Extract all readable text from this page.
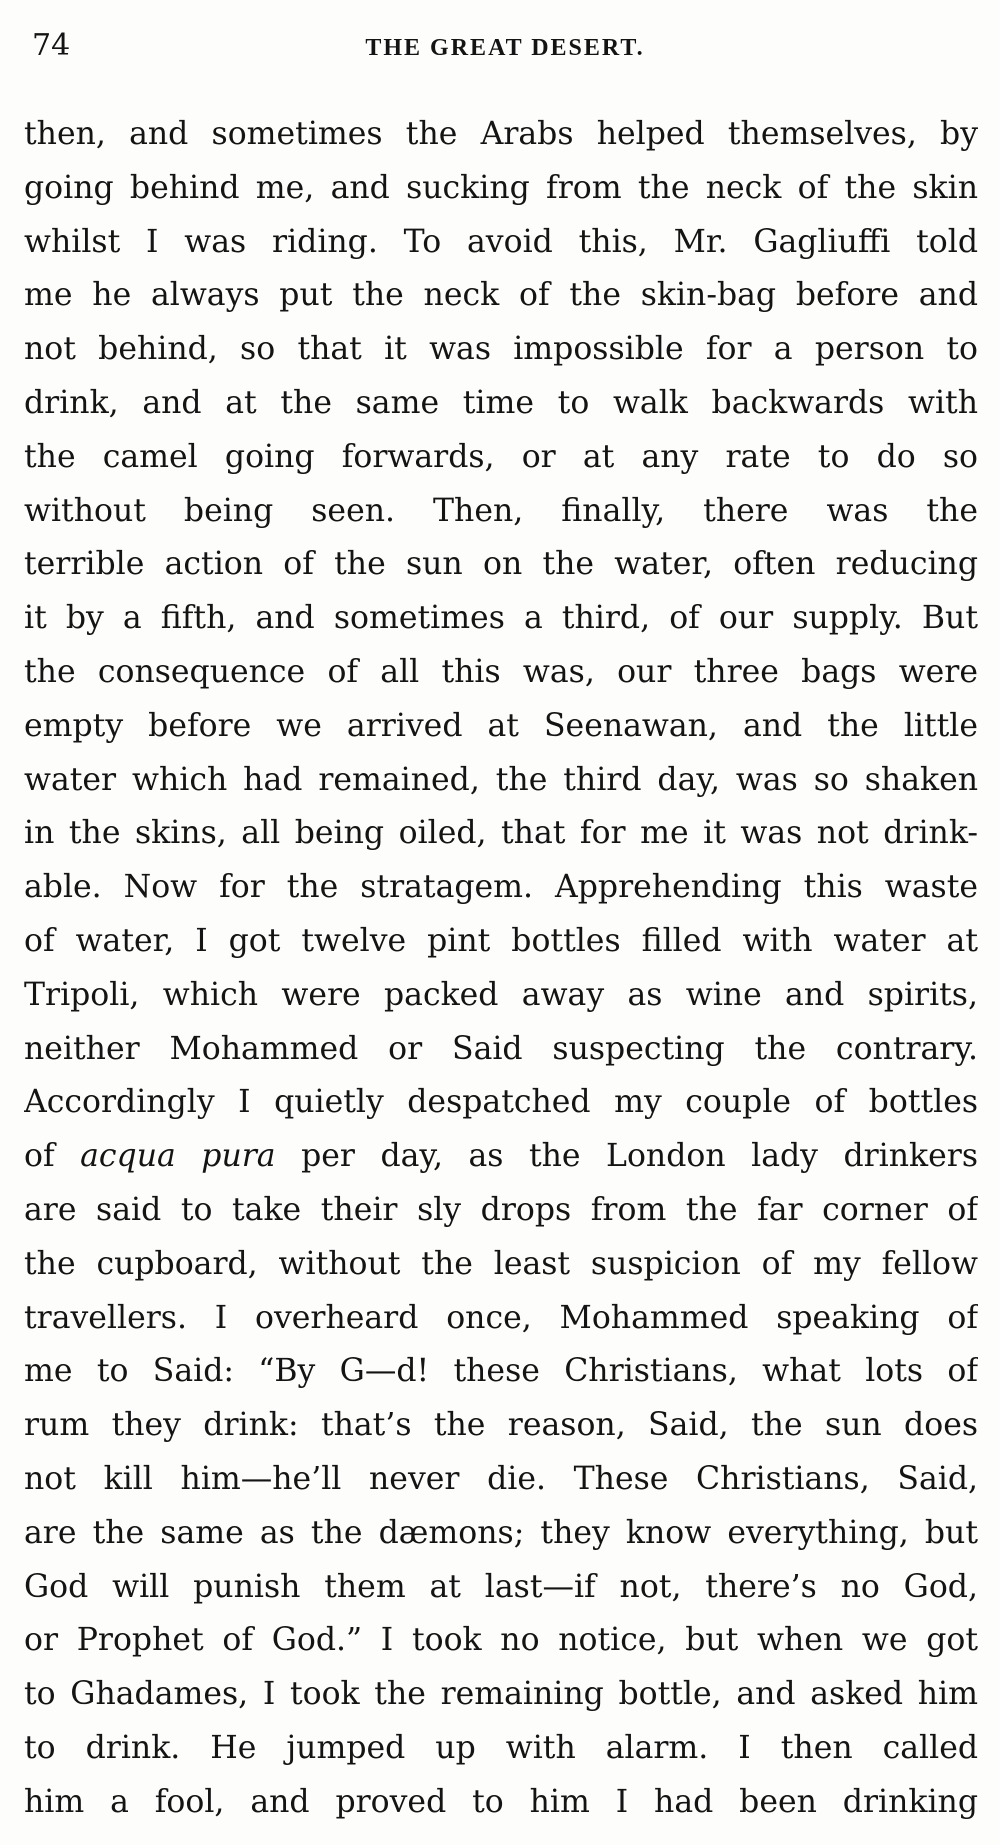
74	THE GREAT DESERT.
then, and sometimes the Arabs helped themselves, by
going behind me, and sucking from the neck of the skin
whilst I was riding. To avoid this, Mr. Gagliuffi told
me he always put the neck of the skin-bag before and
not behind, so that it was impossible for a person to
drink, and at the same time to walk backwards with
the camel going forwards, or at any rate to do so
without being seen. Then, finally, there was the
terrible action of the sun on the water, often reducing
it by a fifth, and sometimes a third, of our supply. But
the consequence of all this was, our three bags were
empty before we arrived at Seenawan, and the little
water which had remained, the third day, was so shaken
in the skins, all being oiled, that for me it was not drink-
able. Now for the stratagem. Apprehending this waste
of water, I got twelve pint bottles filled with water at
Tripoli, which were packed away as wine and spirits,
neither Mohammed or Said suspecting the contrary.
Accordingly I quietly despatched my couple of bottles
of acqua pura per day, as the London lady drinkers
are said to take their sly drops from the far corner of
the cupboard, without the least suspicion of my fellow
travellers. I overheard once, Mohammed speaking of
me to Said: “By G—d! these Christians, what lots of
rum they drink: that’s the reason, Said, the sun does
not kill him—he’ll never die. These Christians, Said,
are the same as the dæmons; they know everything, but
God will punish them at last—if not, there’s no God,
or Prophet of God.” I took no notice, but when we got
to Ghadames, I took the remaining bottle, and asked him
to drink. He jumped up with alarm. I then called
him a fool, and proved to him I had been drinking
